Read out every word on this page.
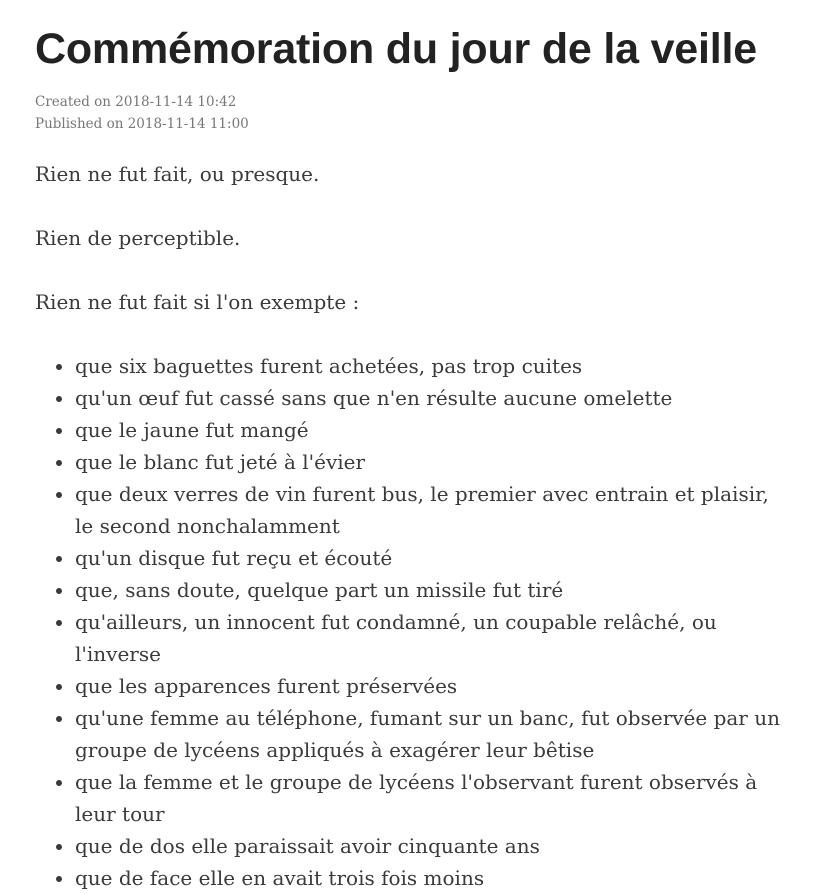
Commémoration du jour de la veille
Created on 2018-11-14 10:42
Published on 2018-11-14 11:00

Rien ne fut fait, ou presque.

Rien de perceptible.

Rien ne fut fait si l'on exempte :

• que six baguettes furent achetées, pas trop cuites
• qu'un œuf fut cassé sans que n'en résulte aucune omelette
• que le jaune fut mangé
• que le blanc fut jeté à l'évier
• que deux verres de vin furent bus, le premier avec entrain et plaisir, le second nonchalamment
• qu'un disque fut reçu et écouté
• que, sans doute, quelque part un missile fut tiré
• qu'ailleurs, un innocent fut condamné, un coupable relâché, ou l'inverse
• que les apparences furent préservées
• qu'une femme au téléphone, fumant sur un banc, fut observée par un groupe de lycéens appliqués à exagérer leur bêtise
• que la femme et le groupe de lycéens l'observant furent observés à leur tour
• que de dos elle paraissait avoir cinquante ans
• que de face elle en avait trois fois moins
